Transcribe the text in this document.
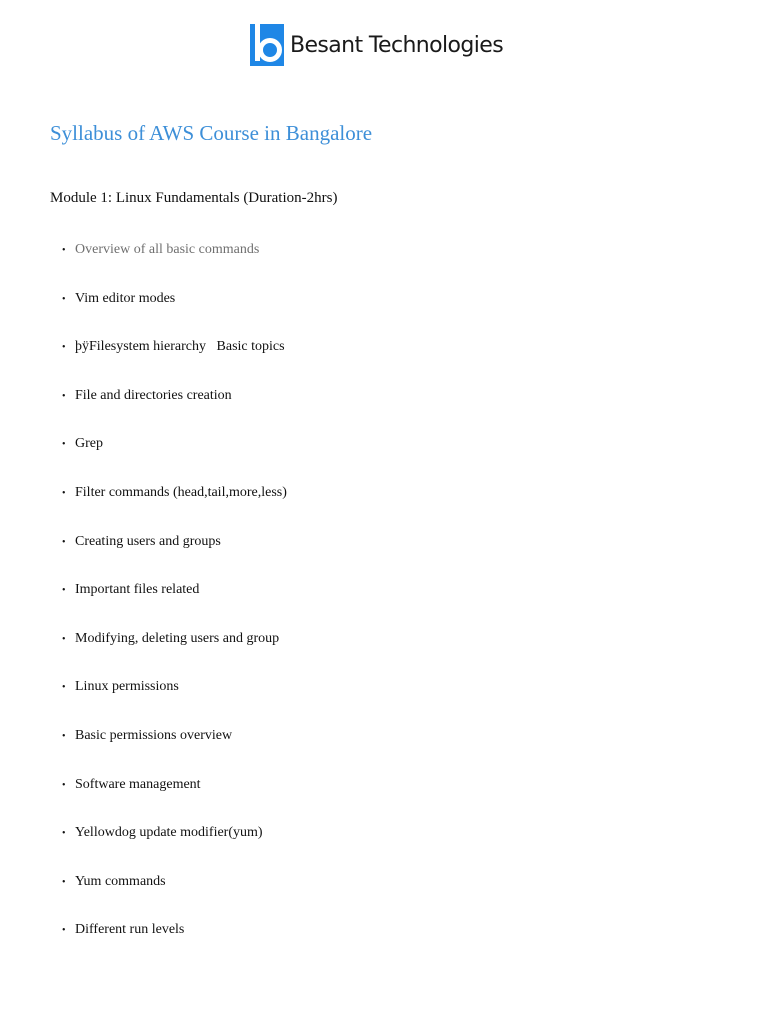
Besant Technologies
Syllabus of AWS Course in Bangalore
Module 1: Linux Fundamentals (Duration-2hrs)
• Overview of all basic commands
• Vim editor modes
• þÿFilesystem hierarchy   Basic topics
• File and directories creation
• Grep
• Filter commands (head,tail,more,less)
• Creating users and groups
• Important files related
• Modifying, deleting users and group
• Linux permissions
• Basic permissions overview
• Software management
• Yellowdog update modifier(yum)
• Yum commands
• Different run levels
